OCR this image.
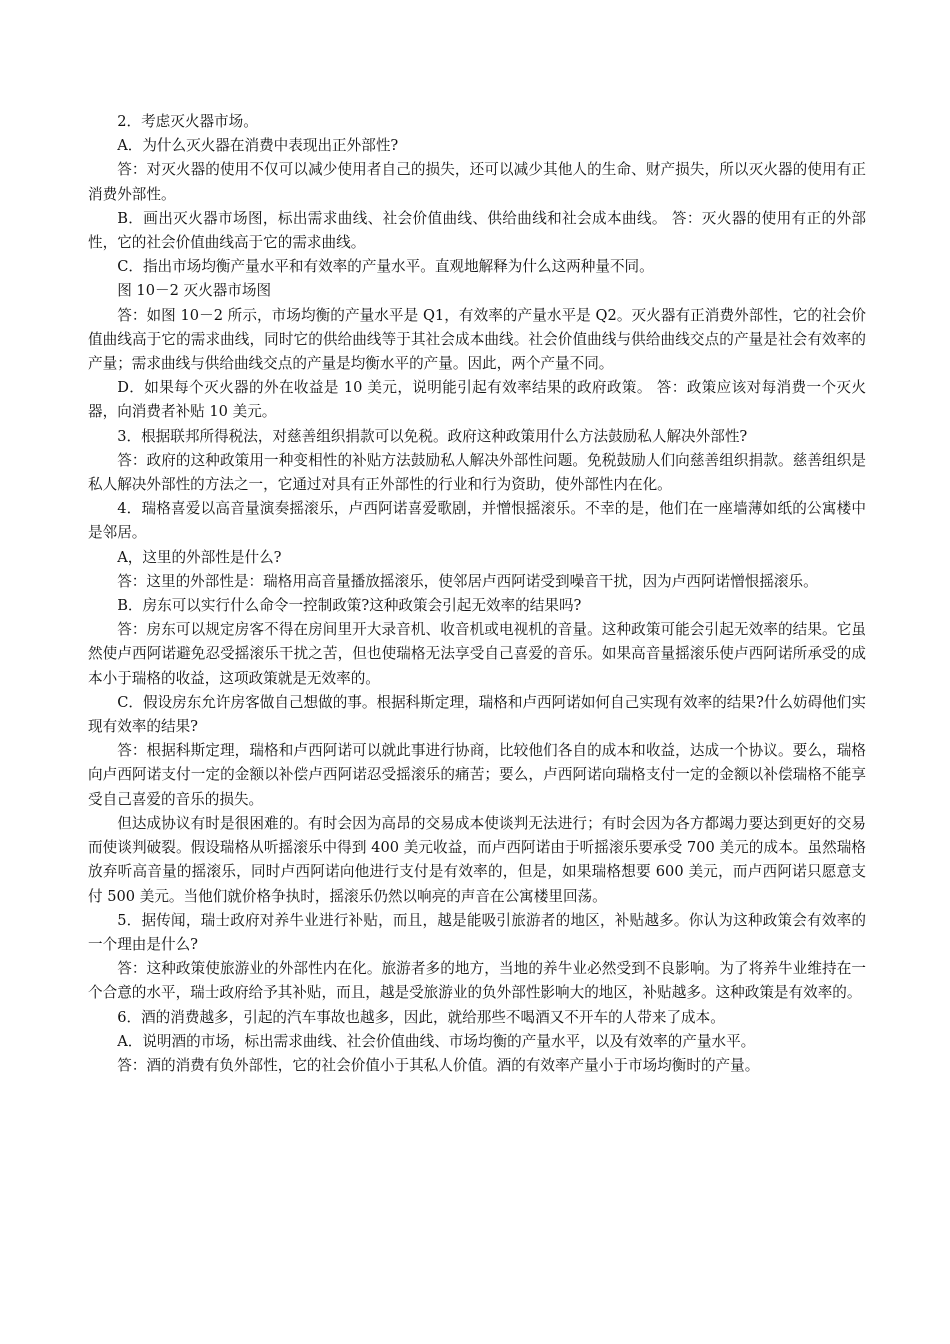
2．考虑灭火器市场。

A．为什么灭火器在消费中表现出正外部性?

答：对灭火器的使用不仅可以减少使用者自己的损失，还可以减少其他人的生命、财产损失，所以灭火器的使用有正消费外部性。

B．画出灭火器市场图，标出需求曲线、社会价值曲线、供给曲线和社会成本曲线。 答：灭火器的使用有正的外部性，它的社会价值曲线高于它的需求曲线。

C．指出市场均衡产量水平和有效率的产量水平。直观地解释为什么这两种量不同。

图 10－2 灭火器市场图

答：如图 10－2 所示，市场均衡的产量水平是 Q1，有效率的产量水平是 Q2。灭火器有正消费外部性，它的社会价值曲线高于它的需求曲线，同时它的供给曲线等于其社会成本曲线。社会价值曲线与供给曲线交点的产量是社会有效率的产量；需求曲线与供给曲线交点的产量是均衡水平的产量。因此，两个产量不同。

D．如果每个灭火器的外在收益是 10 美元，说明能引起有效率结果的政府政策。 答：政策应该对每消费一个灭火器，向消费者补贴 10 美元。

3．根据联邦所得税法，对慈善组织捐款可以免税。政府这种政策用什么方法鼓励私人解决外部性?

答：政府的这种政策用一种变相性的补贴方法鼓励私人解决外部性问题。免税鼓励人们向慈善组织捐款。慈善组织是私人解决外部性的方法之一，它通过对具有正外部性的行业和行为资助，使外部性内在化。

4．瑞格喜爱以高音量演奏摇滚乐，卢西阿诺喜爱歌剧，并憎恨摇滚乐。不幸的是，他们在一座墙薄如纸的公寓楼中是邻居。

A，这里的外部性是什么?

答：这里的外部性是：瑞格用高音量播放摇滚乐，使邻居卢西阿诺受到噪音干扰，因为卢西阿诺憎恨摇滚乐。

B．房东可以实行什么命令一控制政策?这种政策会引起无效率的结果吗?

答：房东可以规定房客不得在房间里开大录音机、收音机或电视机的音量。这种政策可能会引起无效率的结果。它虽然使卢西阿诺避免忍受摇滚乐干扰之苦，但也使瑞格无法享受自己喜爱的音乐。如果高音量摇滚乐使卢西阿诺所承受的成本小于瑞格的收益，这项政策就是无效率的。

C．假设房东允许房客做自己想做的事。根据科斯定理，瑞格和卢西阿诺如何自己实现有效率的结果?什么妨碍他们实现有效率的结果?

答：根据科斯定理，瑞格和卢西阿诺可以就此事进行协商，比较他们各自的成本和收益，达成一个协议。要么，瑞格向卢西阿诺支付一定的金额以补偿卢西阿诺忍受摇滚乐的痛苦；要么，卢西阿诺向瑞格支付一定的金额以补偿瑞格不能享受自己喜爱的音乐的损失。

但达成协议有时是很困难的。有时会因为高昂的交易成本使谈判无法进行；有时会因为各方都竭力要达到更好的交易而使谈判破裂。假设瑞格从听摇滚乐中得到 400 美元收益，而卢西阿诺由于听摇滚乐要承受 700 美元的成本。虽然瑞格放弃听高音量的摇滚乐，同时卢西阿诺向他进行支付是有效率的，但是，如果瑞格想要 600 美元，而卢西阿诺只愿意支付 500 美元。当他们就价格争执时，摇滚乐仍然以响亮的声音在公寓楼里回荡。

5．据传闻，瑞士政府对养牛业进行补贴，而且，越是能吸引旅游者的地区，补贴越多。你认为这种政策会有效率的一个理由是什么?

答：这种政策使旅游业的外部性内在化。旅游者多的地方，当地的养牛业必然受到不良影响。为了将养牛业维持在一个合意的水平，瑞士政府给予其补贴，而且，越是受旅游业的负外部性影响大的地区，补贴越多。这种政策是有效率的。

6．酒的消费越多，引起的汽车事故也越多，因此，就给那些不喝酒又不开车的人带来了成本。

A．说明酒的市场，标出需求曲线、社会价值曲线、市场均衡的产量水平，以及有效率的产量水平。

答：酒的消费有负外部性，它的社会价值小于其私人价值。酒的有效率产量小于市场均衡时的产量。
